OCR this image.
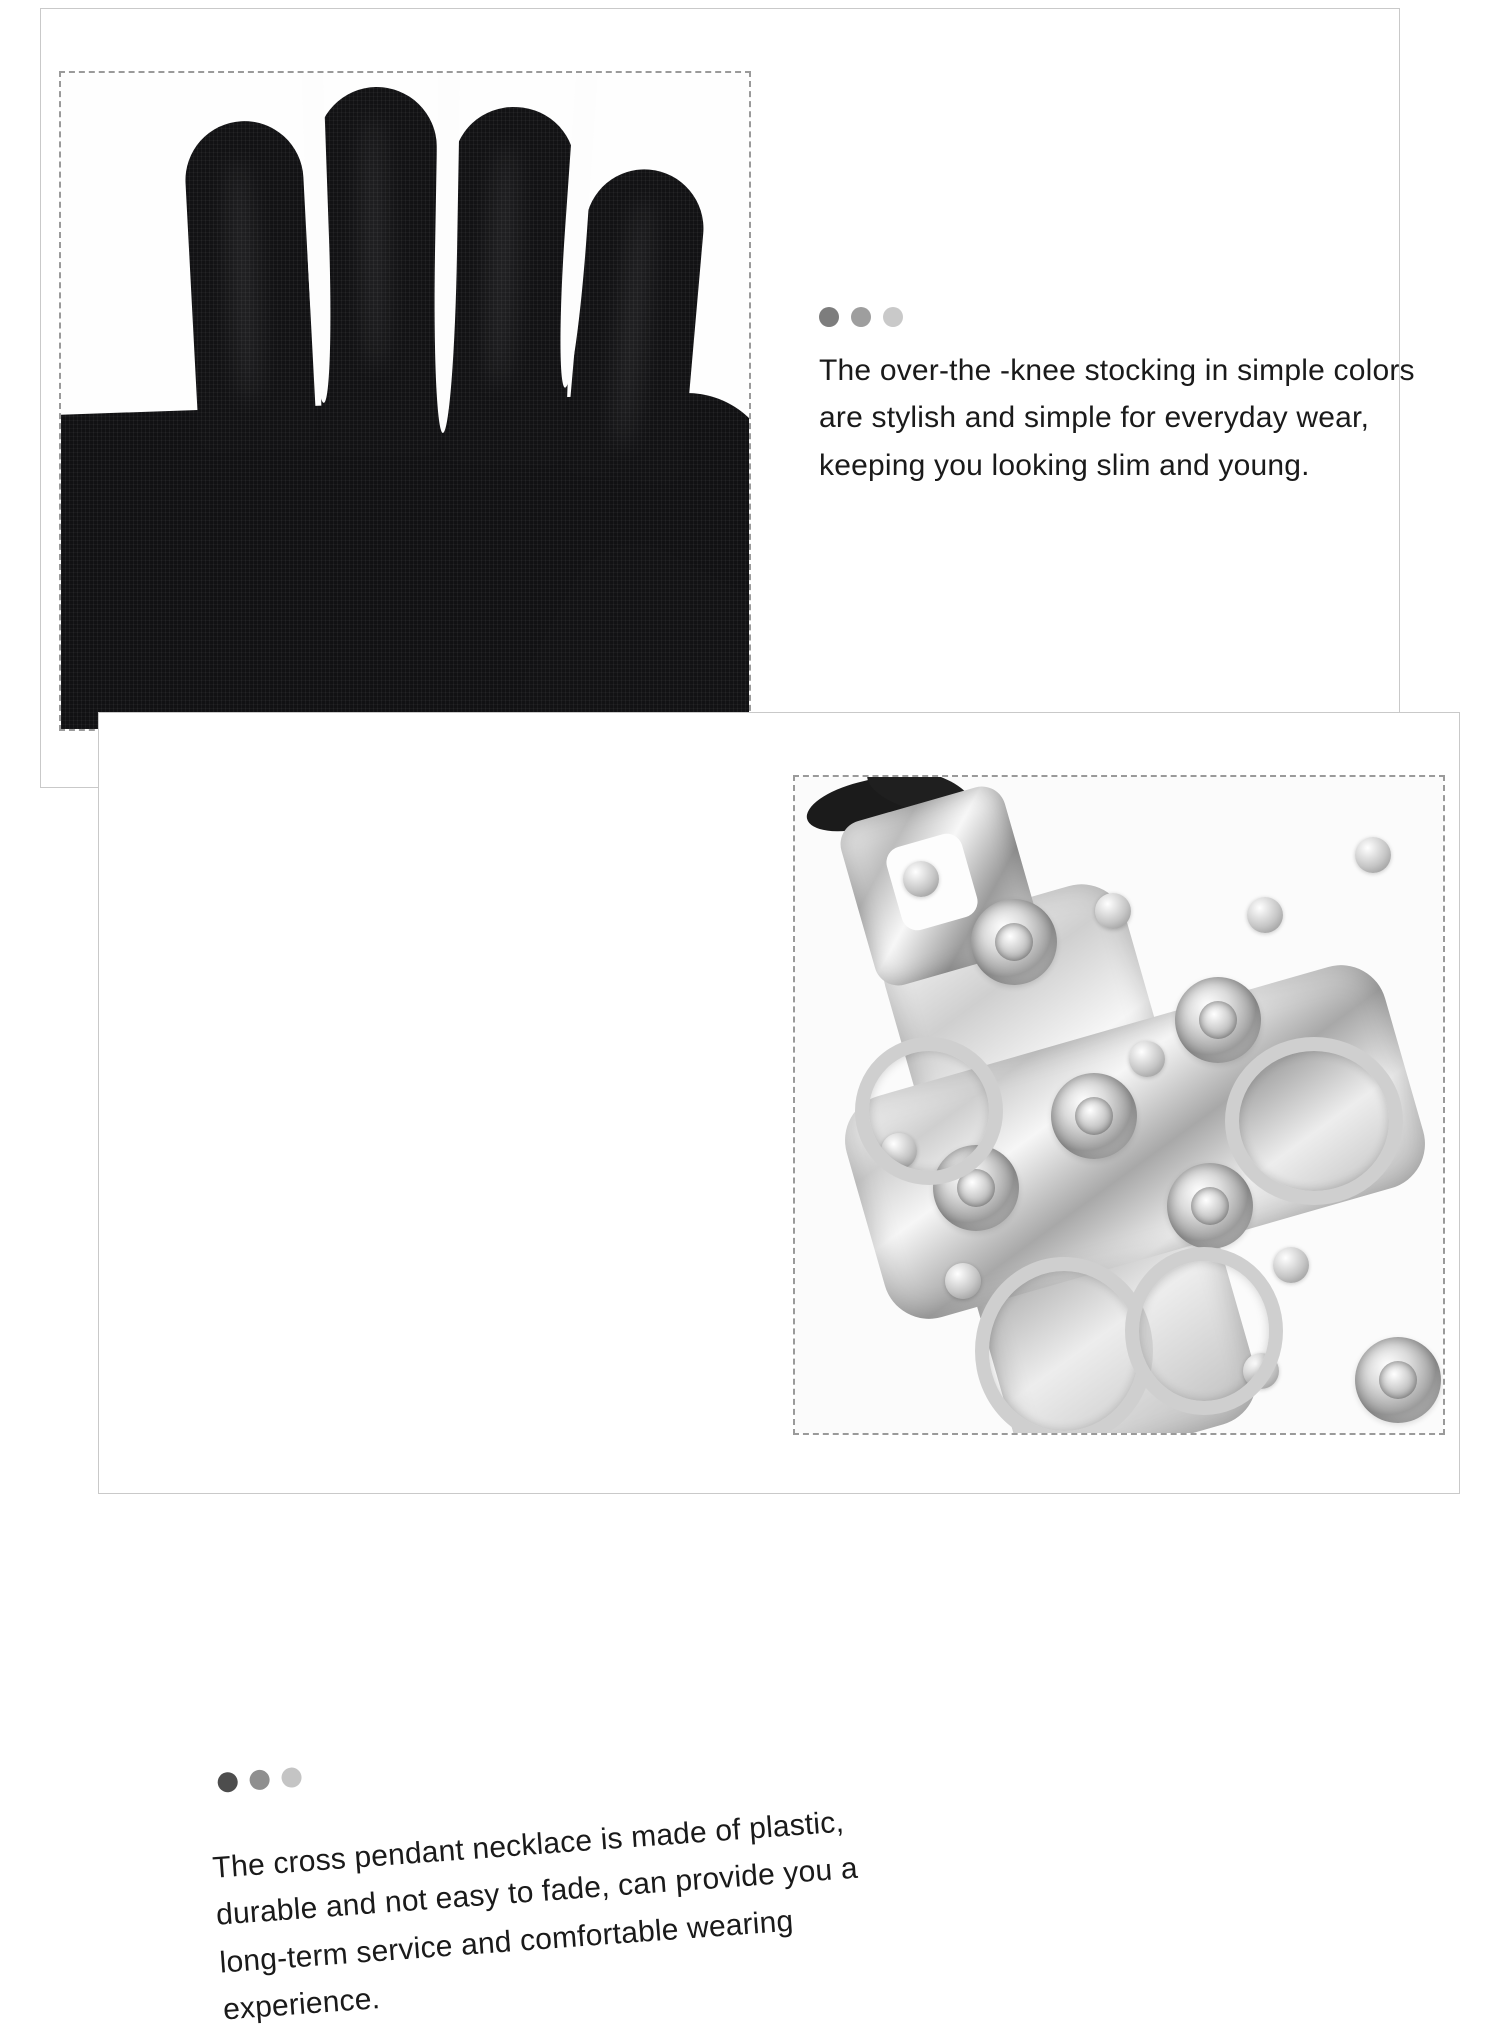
The over-the -knee stocking in simple colors are stylish and simple for everyday wear, keeping you looking slim and young.
The cross pendant necklace is made of plastic, durable and not easy to fade, can provide you a long-term service and comfortable wearing experience.
